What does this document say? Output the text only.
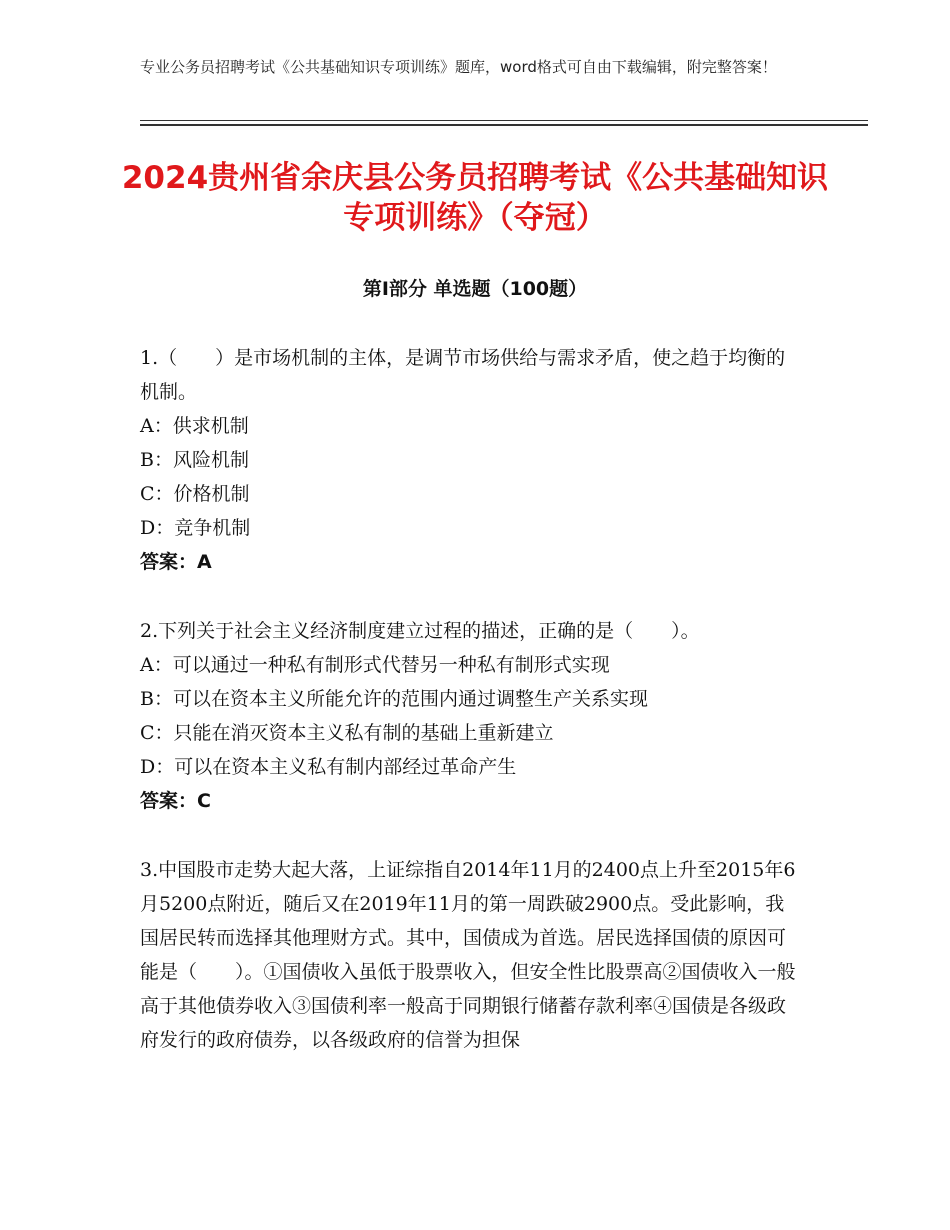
专业公务员招聘考试《公共基础知识专项训练》题库，word格式可自由下载编辑，附完整答案！
2024贵州省余庆县公务员招聘考试《公共基础知识专项训练》（夺冠）
第Ⅰ部分 单选题（100题）

1.（　　）是市场机制的主体，是调节市场供给与需求矛盾，使之趋于均衡的机制。

A：供求机制

B：风险机制

C：价格机制

D：竞争机制

答案：A

2.下列关于社会主义经济制度建立过程的描述，正确的是（　　）。

A：可以通过一种私有制形式代替另一种私有制形式实现

B：可以在资本主义所能允许的范围内通过调整生产关系实现

C：只能在消灭资本主义私有制的基础上重新建立

D：可以在资本主义私有制内部经过革命产生

答案：C

3.中国股市走势大起大落，上证综指自2014年11月的2400点上升至2015年6月5200点附近，随后又在2019年11月的第一周跌破2900点。受此影响，我国居民转而选择其他理财方式。其中，国债成为首选。居民选择国债的原因可能是（　　）。①国债收入虽低于股票收入，但安全性比股票高②国债收入一般高于其他债券收入③国债利率一般高于同期银行储蓄存款利率④国债是各级政府发行的政府债券，以各级政府的信誉为担保
